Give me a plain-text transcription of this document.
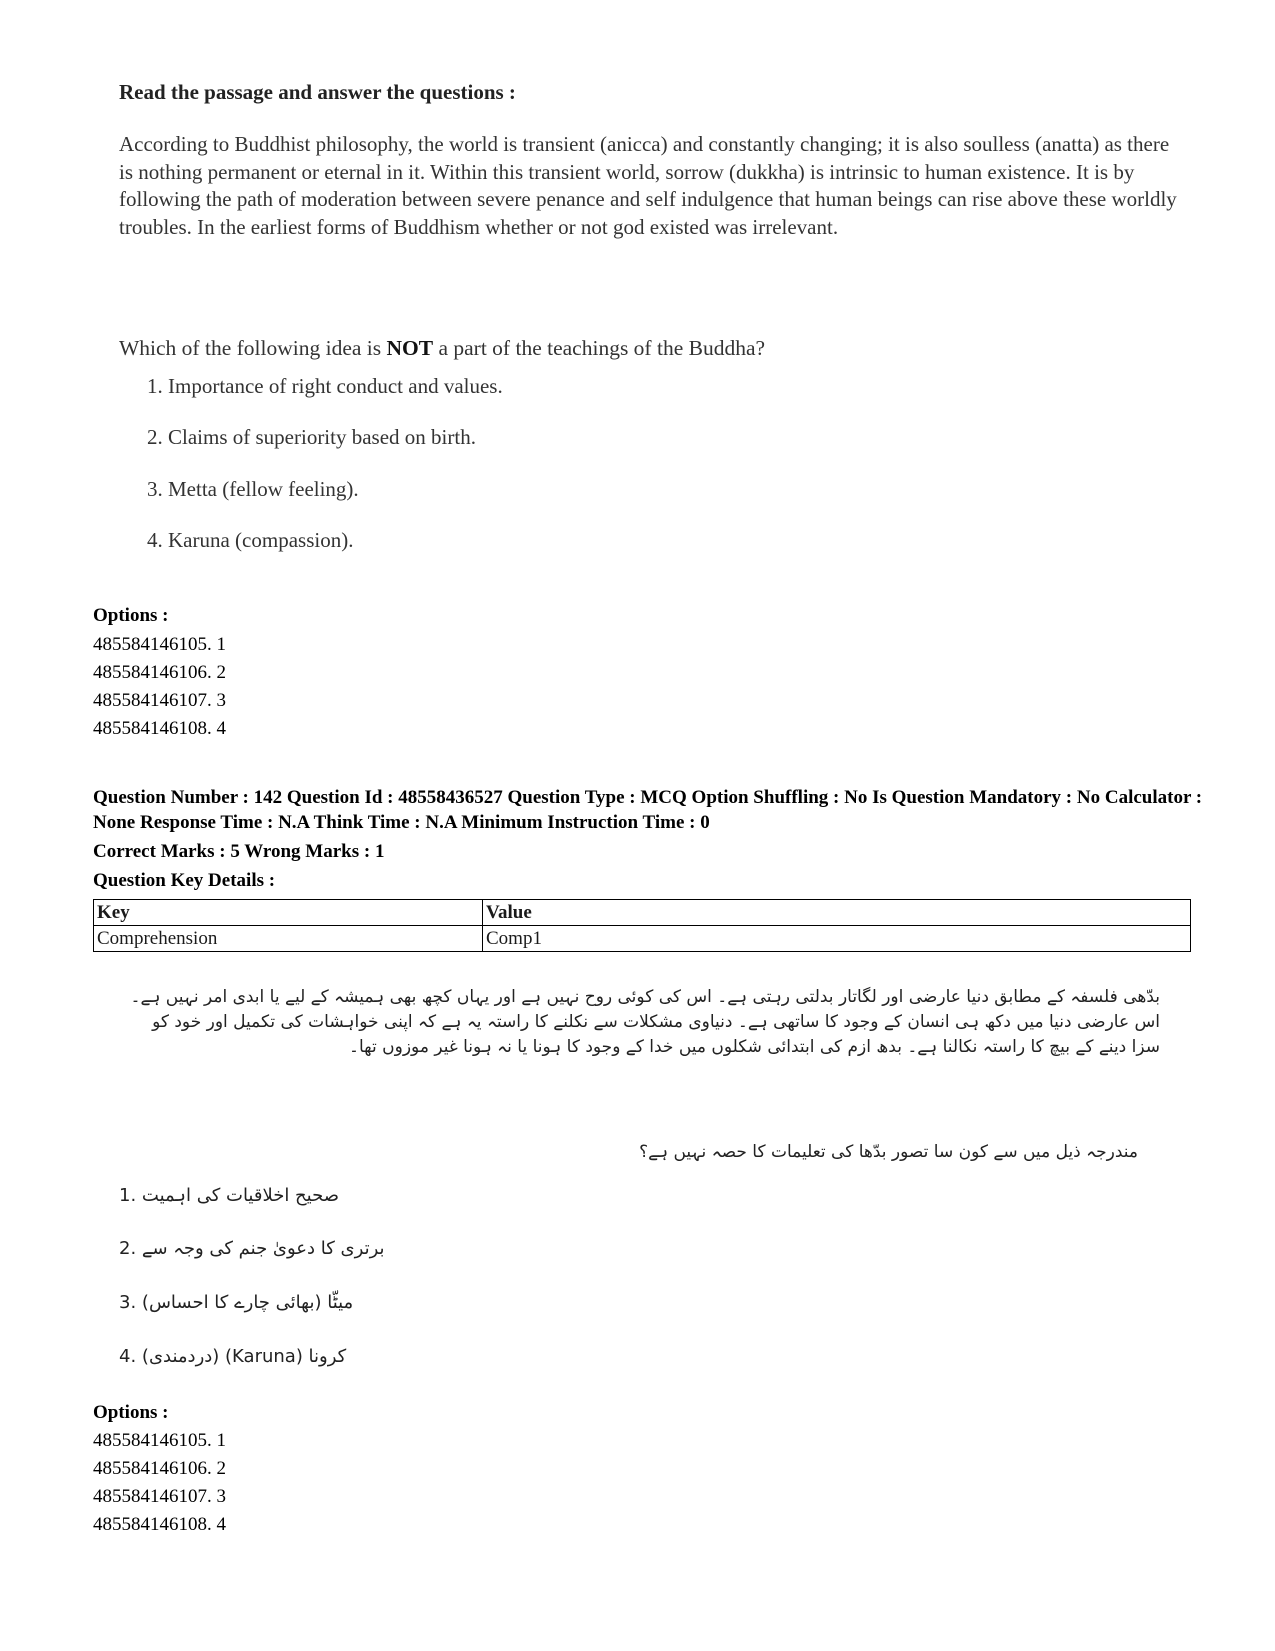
Read the passage and answer the questions :
According to Buddhist philosophy, the world is transient (anicca) and constantly changing; it is also soulless (anatta) as there is nothing permanent or eternal in it. Within this transient world, sorrow (dukkha) is intrinsic to human existence. It is by following the path of moderation between severe penance and self indulgence that human beings can rise above these worldly troubles. In the earliest forms of Buddhism whether or not god existed was irrelevant.
Which of the following idea is NOT a part of the teachings of the Buddha?
1. Importance of right conduct and values.
2. Claims of superiority based on birth.
3. Metta (fellow feeling).
4. Karuna (compassion).
Options :
485584146105. 1
485584146106. 2
485584146107. 3
485584146108. 4
Question Number : 142 Question Id : 48558436527 Question Type : MCQ Option Shuffling : No Is Question Mandatory : No Calculator : None Response Time : N.A Think Time : N.A Minimum Instruction Time : 0
Correct Marks : 5 Wrong Marks : 1
Question Key Details :
Key	Value
Comprehension	Comp1
بدّھی فلسفہ کے مطابق دنیا عارضی اور لگاتار بدلتی رہتی ہے۔ اس کی کوئی روح نہیں ہے اور یہاں کچھ بھی ہمیشہ کے لیے یا ابدی امر نہیں ہے۔ اس عارضی دنیا میں دکھ ہی انسان کے وجود کا ساتھی ہے۔ دنیاوی مشکلات سے نکلنے کا راستہ یہ ہے کہ اپنی خواہشات کی تکمیل اور خود کو سزا دینے کے بیچ کا راستہ نکالنا ہے۔ بدھ ازم کی ابتدائی شکلوں میں خدا کے وجود کا ہونا یا نہ ہونا غیر موزوں تھا۔
مندرجہ ذیل میں سے کون سا تصور بدّھا کی تعلیمات کا حصہ نہیں ہے؟
1. صحیح اخلاقیات کی اہمیت
2. برتری کا دعویٰ جنم کی وجہ سے
3. میٹّا (بھائی چارے کا احساس)
4. کرونا (Karuna) (دردمندی)
Options :
485584146105. 1
485584146106. 2
485584146107. 3
485584146108. 4
